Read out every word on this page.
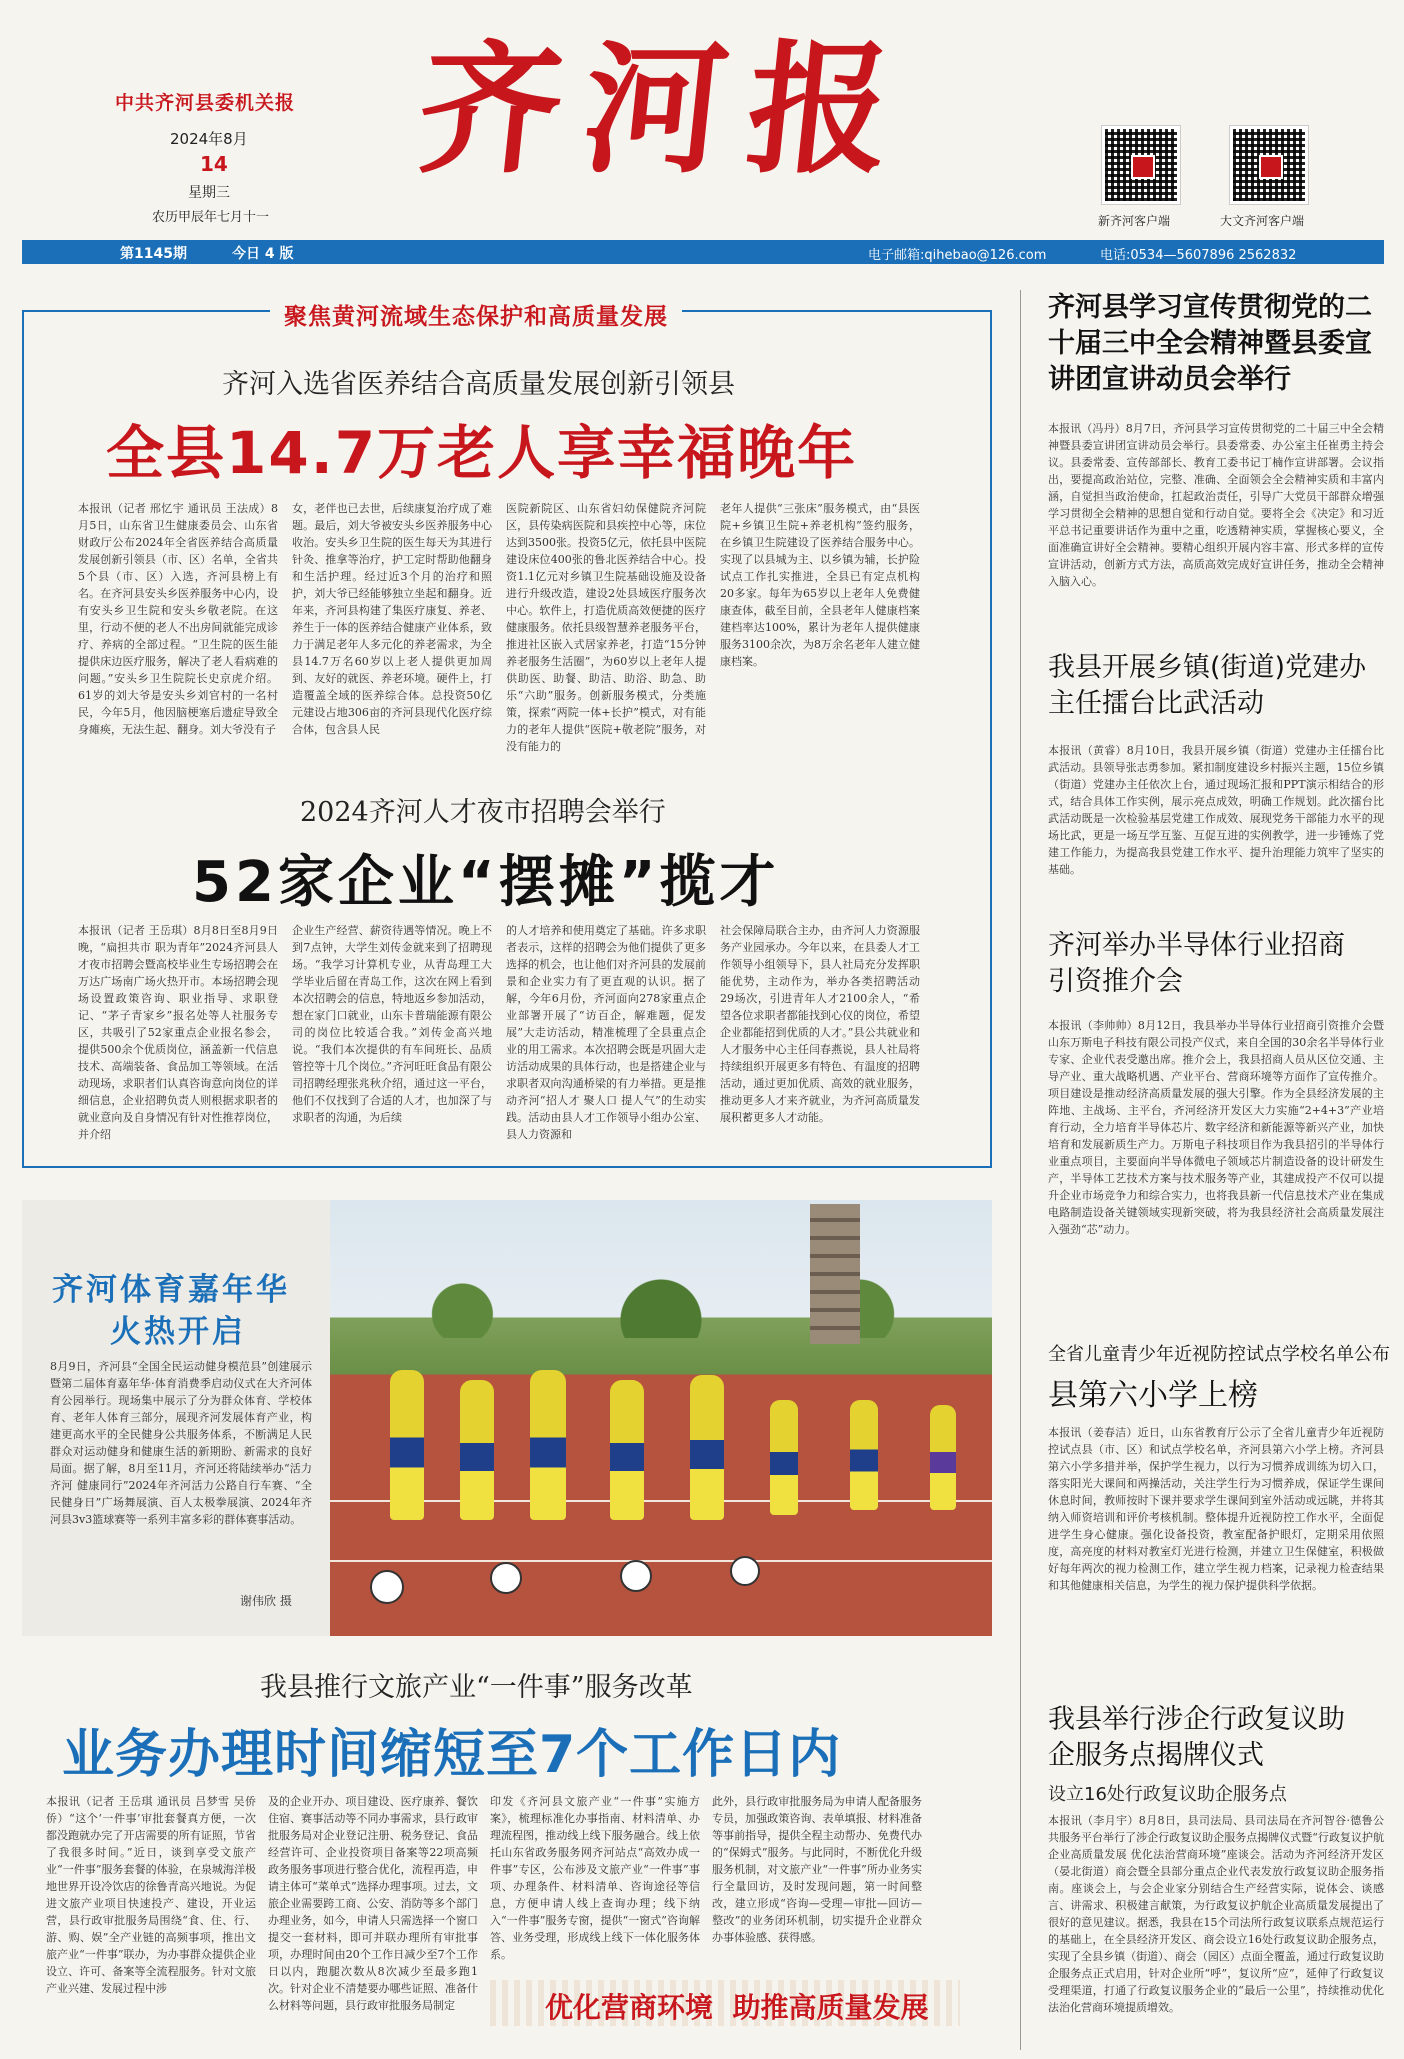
中共齐河县委机关报
2024年8月
14
星期三
农历甲辰年七月十一
齐河报
新齐河客户端	大文齐河客户端
第1145期	今日 4 版	电子邮箱:qihebao@126.com	电话:0534—5607896 2562832
聚焦黄河流域生态保护和高质量发展
齐河入选省医养结合高质量发展创新引领县
全县14.7万老人享幸福晚年
本报讯（记者 邢忆宇 通讯员 王法成）8月5日，山东省卫生健康委员会、山东省财政厅公布2024年全省医养结合高质量发展创新引领县（市、区）名单，全省共5个县（市、区）入选，齐河县榜上有名。在齐河县安头乡医养服务中心内，设有安头乡卫生院和安头乡敬老院。在这里，行动不便的老人不出房间就能完成诊疗、养病的全部过程。“卫生院的医生能提供床边医疗服务，解决了老人看病难的问题。”安头乡卫生院院长史京虎介绍。61岁的刘大爷是安头乡刘官村的一名村民，今年5月，他因脑梗塞后遗症导致全身瘫痪，无法生起、翻身。刘大爷没有子
女，老伴也已去世，后续康复治疗成了难题。最后，刘大爷被安头乡医养服务中心收治。安头乡卫生院的医生每天为其进行针灸、推拿等治疗，护工定时帮助他翻身和生活护理。经过近3个月的治疗和照护，刘大爷已经能够独立坐起和翻身。近年来，齐河县构建了集医疗康复、养老、养生于一体的医养结合健康产业体系，致力于满足老年人多元化的养老需求，为全县14.7万名60岁以上老人提供更加周到、友好的就医、养老环境。硬件上，打造覆盖全域的医养综合体。总投资50亿元建设占地306亩的齐河县现代化医疗综合体，包含县人民
医院新院区、山东省妇幼保健院齐河院区，县传染病医院和县疾控中心等，床位达到3500张。投资5亿元，依托县中医院建设床位400张的鲁北医养结合中心。投资1.1亿元对乡镇卫生院基础设施及设备进行升级改造，建设2处县域医疗服务次中心。软件上，打造优质高效便捷的医疗健康服务。依托县级智慧养老服务平台，推进社区嵌入式居家养老，打造“15分钟养老服务生活圈”，为60岁以上老年人提供助医、助餐、助洁、助浴、助急、助乐“六助”服务。创新服务模式，分类施策，探索“两院一体+长护”模式，对有能力的老年人提供“医院+敬老院”服务，对没有能力的
老年人提供“三张床”服务模式，由“县医院+乡镇卫生院+养老机构”签约服务，在乡镇卫生院建设了医养结合服务中心。实现了以县城为主、以乡镇为辅，长护险试点工作扎实推进，全县已有定点机构20多家。每年为65岁以上老年人免费健康查体，截至目前，全县老年人健康档案建档率达100%，累计为老年人提供健康服务3100余次，为8万余名老年人建立健康档案。
2024齐河人才夜市招聘会举行
52家企业“摆摊”揽才
本报讯（记者 王岳琪）8月8日至8月9日晚，“扁担共市 职为青年”2024齐河县人才夜市招聘会暨高校毕业生专场招聘会在万达广场南广场火热开市。本场招聘会现场设置政策咨询、职业指导、求职登记、“茅子青家乡”报名处等人社服务专区，共吸引了52家重点企业报名参会，提供500余个优质岗位，涵盖新一代信息技术、高端装备、食品加工等领域。在活动现场，求职者们认真咨询意向岗位的详细信息，企业招聘负责人则根据求职者的就业意向及自身情况有针对性推荐岗位，并介绍
企业生产经营、薪资待遇等情况。晚上不到7点钟，大学生刘传金就来到了招聘现场。“我学习计算机专业，从青岛理工大学毕业后留在青岛工作，这次在网上看到本次招聘会的信息，特地返乡参加活动，想在家门口就业，山东卡普瑞能源有限公司的岗位比较适合我。”刘传金高兴地说。“我们本次提供的有车间班长、品质管控等十几个岗位。”齐河旺旺食品有限公司招聘经理张兆秋介绍，通过这一平台，他们不仅找到了合适的人才，也加深了与求职者的沟通，为后续
的人才培养和使用奠定了基础。许多求职者表示，这样的招聘会为他们提供了更多选择的机会，也让他们对齐河县的发展前景和企业实力有了更直观的认识。据了解，今年6月份，齐河面向278家重点企业部署开展了“访百企，解难题，促发展”大走访活动，精准梳理了全县重点企业的用工需求。本次招聘会既是巩固大走访活动成果的具体行动，也是搭建企业与求职者双向沟通桥梁的有力举措。更是推动齐河“招人才 聚人口 提人气”的生动实践。活动由县人才工作领导小组办公室、县人力资源和
社会保障局联合主办，由齐河人力资源服务产业园承办。今年以来，在县委人才工作领导小组领导下，县人社局充分发挥职能优势，主动作为，举办各类招聘活动29场次，引进青年人才2100余人，“希望各位求职者都能找到心仪的岗位，希望企业都能招到优质的人才。”县公共就业和人才服务中心主任闫春燕说，县人社局将持续组织开展更多有特色、有温度的招聘活动，通过更加优质、高效的就业服务，推动更多人才来齐就业，为齐河高质量发展积蓄更多人才动能。
齐河体育嘉年华
火热开启
8月9日，齐河县“全国全民运动健身模范县”创建展示暨第二届体育嘉年华·体育消费季启动仪式在大齐河体育公园举行。现场集中展示了分为群众体育、学校体育、老年人体育三部分，展现齐河发展体育产业，构建更高水平的全民健身公共服务体系，不断满足人民群众对运动健身和健康生活的新期盼、新需求的良好局面。据了解，8月至11月，齐河还将陆续举办“活力齐河 健康同行”2024年齐河活力公路自行车赛、“全民健身日”广场舞展演、百人太极拳展演、2024年齐河县3v3篮球赛等一系列丰富多彩的群体赛事活动。
谢伟欣 摄
我县推行文旅产业“一件事”服务改革
业务办理时间缩短至7个工作日内
本报讯（记者 王岳琪 通讯员 吕梦雪 吴侨侨）“这个‘一件事’审批套餐真方便，一次都没跑就办完了开店需要的所有证照，节省了我很多时间。”近日，谈到享受文旅产业“一件事”服务套餐的体验，在泉城海洋极地世界开设冷饮店的徐鲁青高兴地说。为促进文旅产业项目快速投产、建设，开业运营，县行政审批服务局围绕“食、住、行、游、购、娱”全产业链的高频事项，推出文旅产业“一件事”联办，为办事群众提供企业设立、许可、备案等全流程服务。针对文旅产业兴建、发展过程中涉
及的企业开办、项目建设、医疗康养、餐饮住宿、赛事活动等不同办事需求，县行政审批服务局对企业登记注册、税务登记、食品经营许可、企业投资项目备案等22项高频政务服务事项进行整合优化，流程再造，申请主体可“菜单式”选择办理事项。过去，文旅企业需要跨工商、公安、消防等多个部门办理业务，如今，申请人只需选择一个窗口提交一套材料，即可并联办理所有审批事项，办理时间由20个工作日减少至7个工作日以内，跑腿次数从8次减少至最多跑1次。针对企业不清楚要办哪些证照、准备什么材料等问题，县行政审批服务局制定
印发《齐河县文旅产业“一件事”实施方案》，梳理标准化办事指南、材料清单、办理流程图，推动线上线下服务融合。线上依托山东省政务服务网齐河站点“高效办成一件事”专区，公布涉及文旅产业“一件事”事项、办理条件、材料清单、咨询途径等信息，方便申请人线上查询办理；线下纳入“一件事”服务专窗，提供“一窗式”咨询解答、业务受理，形成线上线下一体化服务体系。
此外，县行政审批服务局为申请人配备服务专员，加强政策咨询、表单填报、材料准备等事前指导，提供全程主动帮办、免费代办的“保姆式”服务。与此同时，不断优化升级服务机制，对文旅产业“一件事”所办业务实行全量回访，及时发现问题，第一时间整改，建立形成“咨询—受理—审批—回访—整改”的业务闭环机制，切实提升企业群众办事体验感、获得感。
优化营商环境  助推高质量发展
齐河县学习宣传贯彻党的二十届三中全会精神暨县委宣讲团宣讲动员会举行
本报讯（冯丹）8月7日，齐河县学习宣传贯彻党的二十届三中全会精神暨县委宣讲团宣讲动员会举行。县委常委、办公室主任崔勇主持会议。县委常委、宣传部部长、教育工委书记丁楠作宣讲部署。会议指出，要提高政治站位，完整、准确、全面领会全会精神实质和丰富内涵，自觉担当政治使命，扛起政治责任，引导广大党员干部群众增强学习贯彻全会精神的思想自觉和行动自觉。要将全会《决定》和习近平总书记重要讲话作为重中之重，吃透精神实质，掌握核心要义，全面准确宣讲好全会精神。要精心组织开展内容丰富、形式多样的宣传宣讲活动，创新方式方法，高质高效完成好宣讲任务，推动全会精神入脑入心。
我县开展乡镇(街道)党建办主任擂台比武活动
本报讯（黄睿）8月10日，我县开展乡镇（街道）党建办主任擂台比武活动。县领导张志勇参加。紧扣制度建设乡村振兴主题，15位乡镇（街道）党建办主任依次上台，通过现场汇报和PPT演示相结合的形式，结合具体工作实例，展示亮点成效，明确工作规划。此次擂台比武活动既是一次检验基层党建工作成效、展现党务干部能力水平的现场比武，更是一场互学互鉴、互促互进的实例教学，进一步锤炼了党建工作能力，为提高我县党建工作水平、提升治理能力筑牢了坚实的基础。
齐河举办半导体行业招商引资推介会
本报讯（李帅帅）8月12日，我县举办半导体行业招商引资推介会暨山东万斯电子科技有限公司投产仪式，来自全国的30余名半导体行业专家、企业代表受邀出席。推介会上，我县招商人员从区位交通、主导产业、重大战略机遇、产业平台、营商环境等方面作了宣传推介。项目建设是推动经济高质量发展的强大引擎。作为全县经济发展的主阵地、主战场、主平台，齐河经济开发区大力实施“2+4+3”产业培育行动，全力培育半导体芯片、数字经济和新能源等新兴产业，加快培育和发展新质生产力。万斯电子科技项目作为我县招引的半导体行业重点项目，主要面向半导体微电子领域芯片制造设备的设计研发生产，半导体工艺技术方案与技术服务等产业，其建成投产不仅可以提升企业市场竞争力和综合实力，也将我县新一代信息技术产业在集成电路制造设备关键领域实现新突破，将为我县经济社会高质量发展注入强劲“芯”动力。
全省儿童青少年近视防控试点学校名单公布
县第六小学上榜
本报讯（姜春洁）近日，山东省教育厅公示了全省儿童青少年近视防控试点县（市、区）和试点学校名单，齐河县第六小学上榜。齐河县第六小学多措并举，保护学生视力，以行为习惯养成训练为切入口，落实阳光大课间和两操活动，关注学生行为习惯养成，保证学生课间休息时间，教师按时下课并要求学生课间到室外活动或远眺，并将其纳入师资培训和评价考核机制。整体提升近视防控工作水平，全面促进学生身心健康。强化设备投资，教室配备护眼灯，定期采用依照度，高亮度的材料对教室灯光进行检测，并建立卫生保健室，积极做好每年两次的视力检测工作，建立学生视力档案，记录视力检查结果和其他健康相关信息，为学生的视力保护提供科学依据。
我县举行涉企行政复议助企服务点揭牌仪式
设立16处行政复议助企服务点
本报讯（李月宇）8月8日，县司法局、县司法局在齐河智谷·德鲁公共服务平台举行了涉企行政复议助企服务点揭牌仪式暨“行政复议护航企业高质量发展 优化法治营商环境”座谈会。活动为齐河经济开发区（晏北街道）商会暨全县部分重点企业代表发放行政复议助企服务指南。座谈会上，与会企业家分别结合生产经营实际，说体会、谈感言、讲需求、积极建言献策，为行政复议护航企业高质量发展提出了很好的意见建议。据悉，我县在15个司法所行政复议联系点规范运行的基础上，在全县经济开发区、商会设立16处行政复议助企服务点，实现了全县乡镇（街道）、商会（园区）点面全覆盖，通过行政复议助企服务点正式启用，针对企业所“呼”，复议所“应”，延伸了行政复议受理渠道，打通了行政复议服务企业的“最后一公里”，持续推动优化法治化营商环境提质增效。
